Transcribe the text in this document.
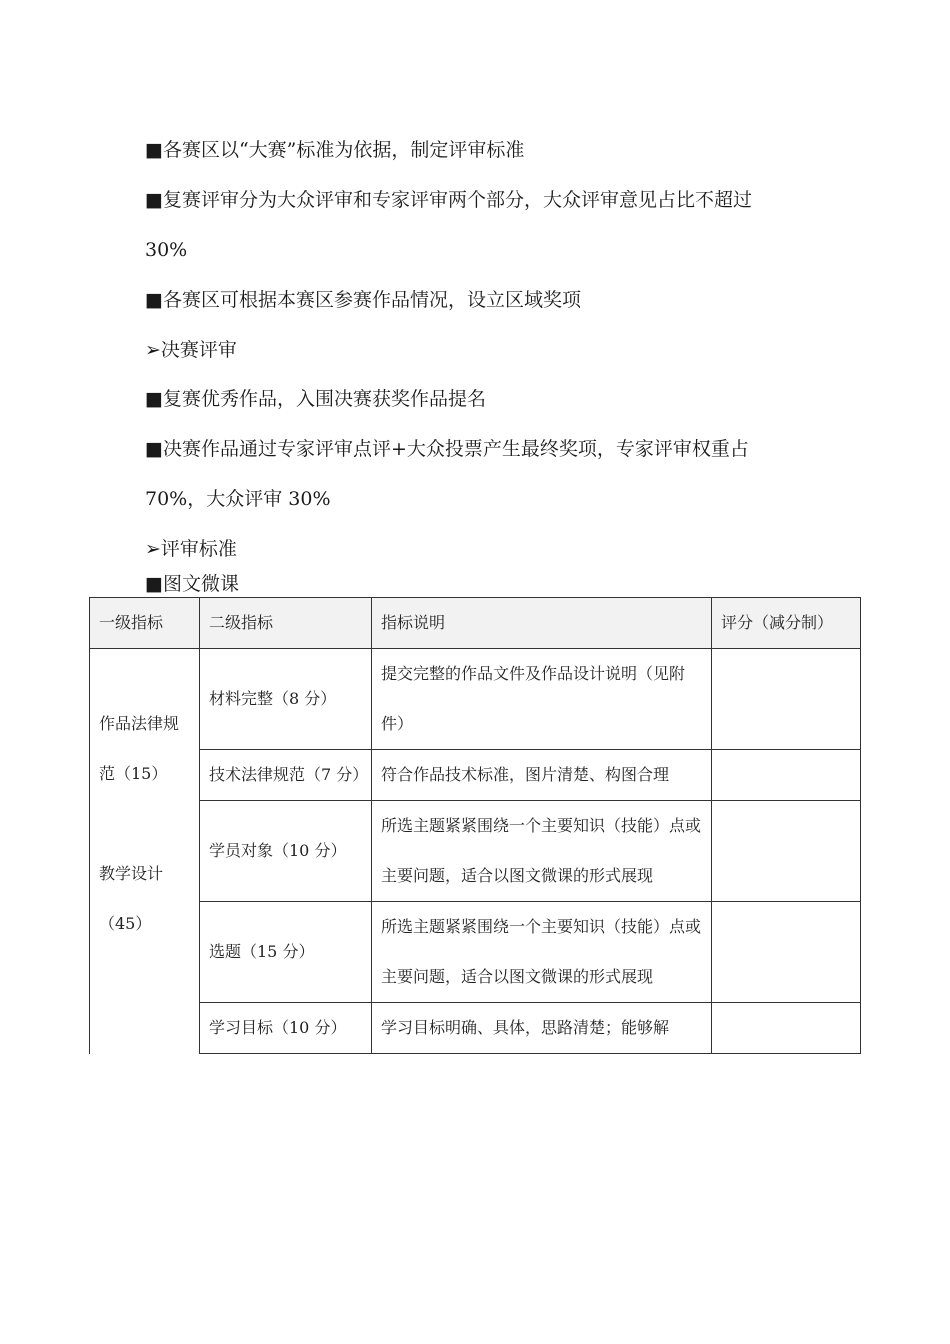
■各赛区以“大赛”标准为依据，制定评审标准
■复赛评审分为大众评审和专家评审两个部分，大众评审意见占比不超过
30%
■各赛区可根据本赛区参赛作品情况，设立区域奖项
➢决赛评审
■复赛优秀作品，入围决赛获奖作品提名
■决赛作品通过专家评审点评+大众投票产生最终奖项，专家评审权重占
70%，大众评审 30%
➢评审标准
■图文微课
一级指标	二级指标	指标说明	评分（减分制）

作品法律规
范（15）
教学设计
（45）	材料完整（8 分）	提交完整的作品文件及作品设计说明（见附件）	
	技术法律规范（7 分）	符合作品技术标准，图片清楚、构图合理	
	学员对象（10 分）	所选主题紧紧围绕一个主要知识（技能）点或主要问题，适合以图文微课的形式展现	
	选题（15 分）	所选主题紧紧围绕一个主要知识（技能）点或主要问题，适合以图文微课的形式展现	
	学习目标（10 分）	学习目标明确、具体，思路清楚；能够解	
